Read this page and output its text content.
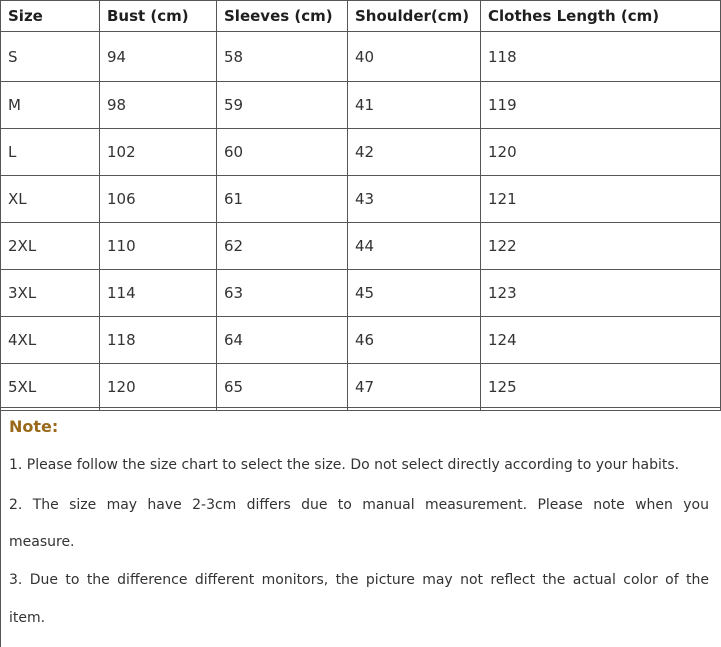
Size	Bust (cm)	Sleeves (cm)	Shoulder(cm)	Clothes Length (cm)
S	94	58	40	118
M	98	59	41	119
L	102	60	42	120
XL	106	61	43	121
2XL	110	62	44	122
3XL	114	63	45	123
4XL	118	64	46	124
5XL	120	65	47	125
Note:
1. Please follow the size chart to select the size. Do not select directly according to your habits.
2. The size may have 2-3cm differs due to manual measurement. Please note when you
measure.
3. Due to the difference different monitors, the picture may not reflect the actual color of the
item.
